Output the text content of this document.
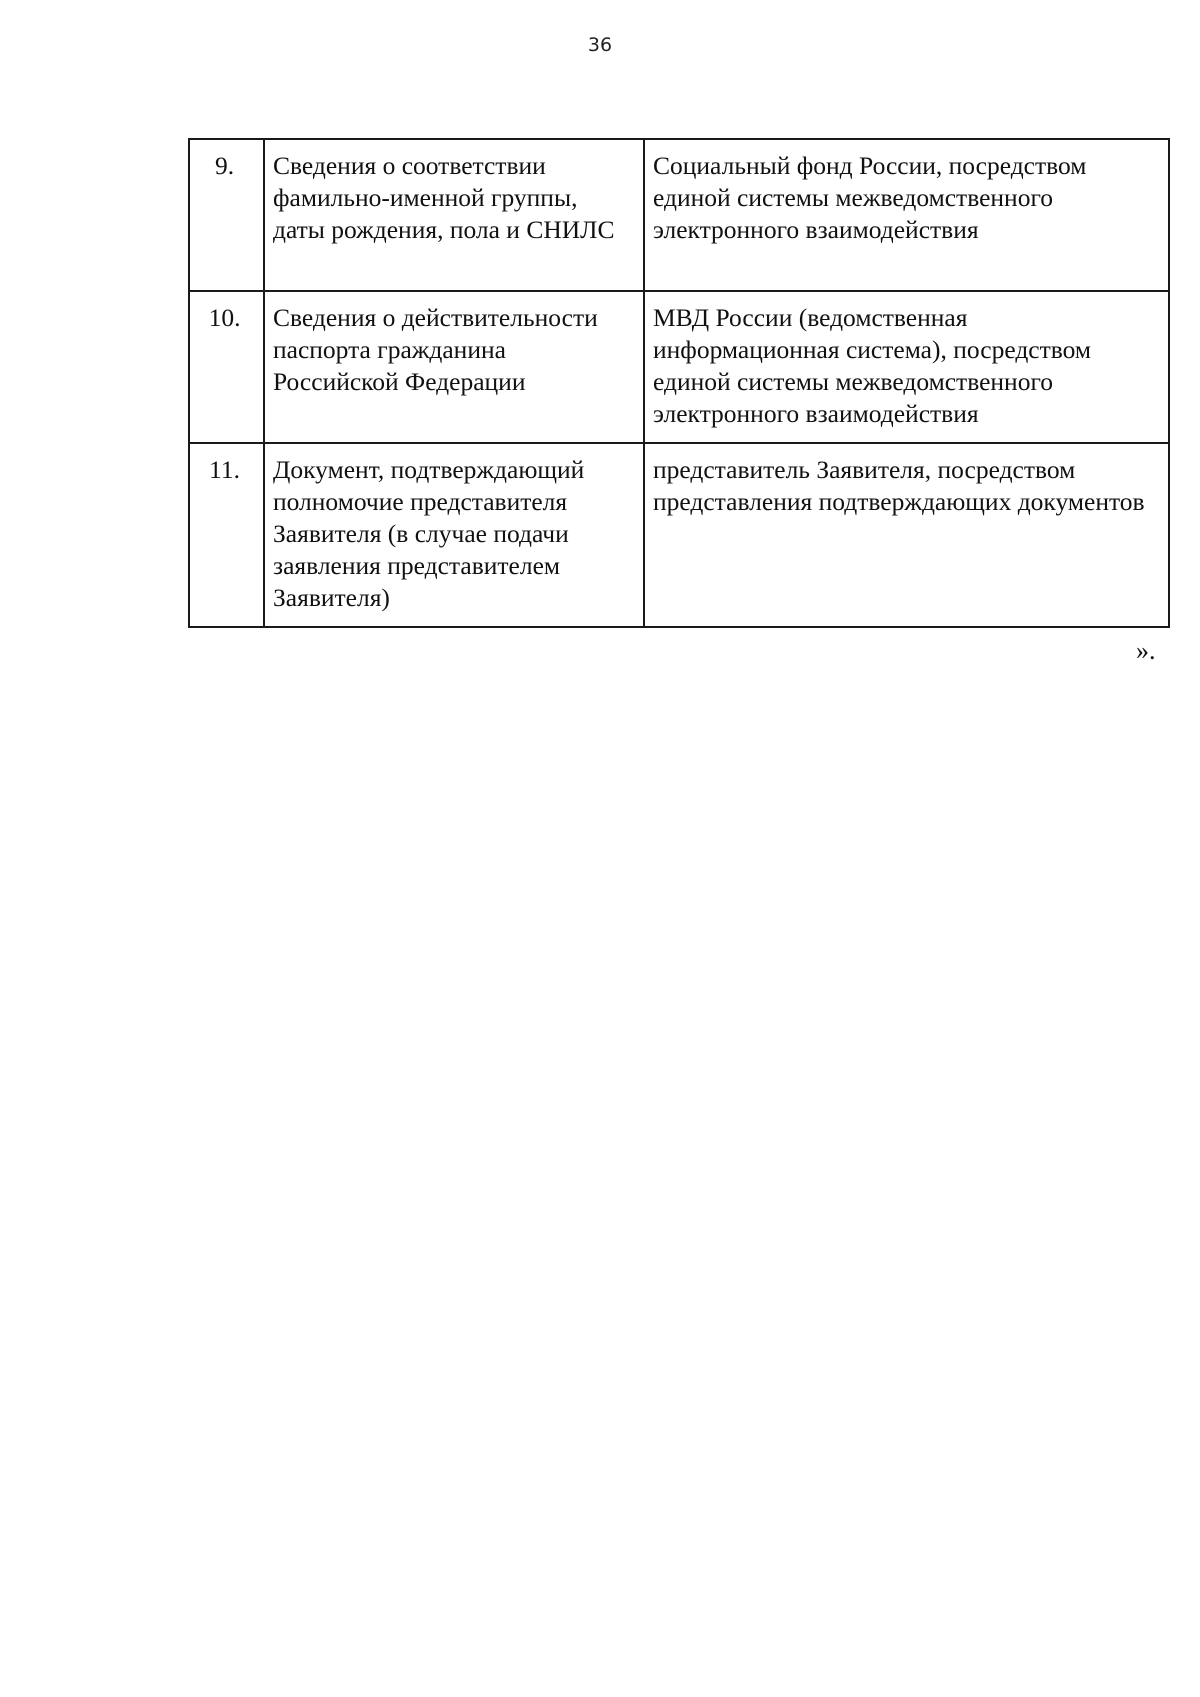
36
9.	Сведения о соответствии фамильно-именной группы, даты рождения, пола и СНИЛС	Социальный фонд России, посредством единой системы межведомственного электронного взаимодействия
10.	Сведения о действительности паспорта гражданина Российской Федерации	МВД России (ведомственная информационная система), посредством единой системы межведомственного электронного взаимодействия
11.	Документ, подтверждающий полномочие представителя Заявителя (в случае подачи заявления представителем Заявителя)	представитель Заявителя, посредством представления подтверждающих документов
».
